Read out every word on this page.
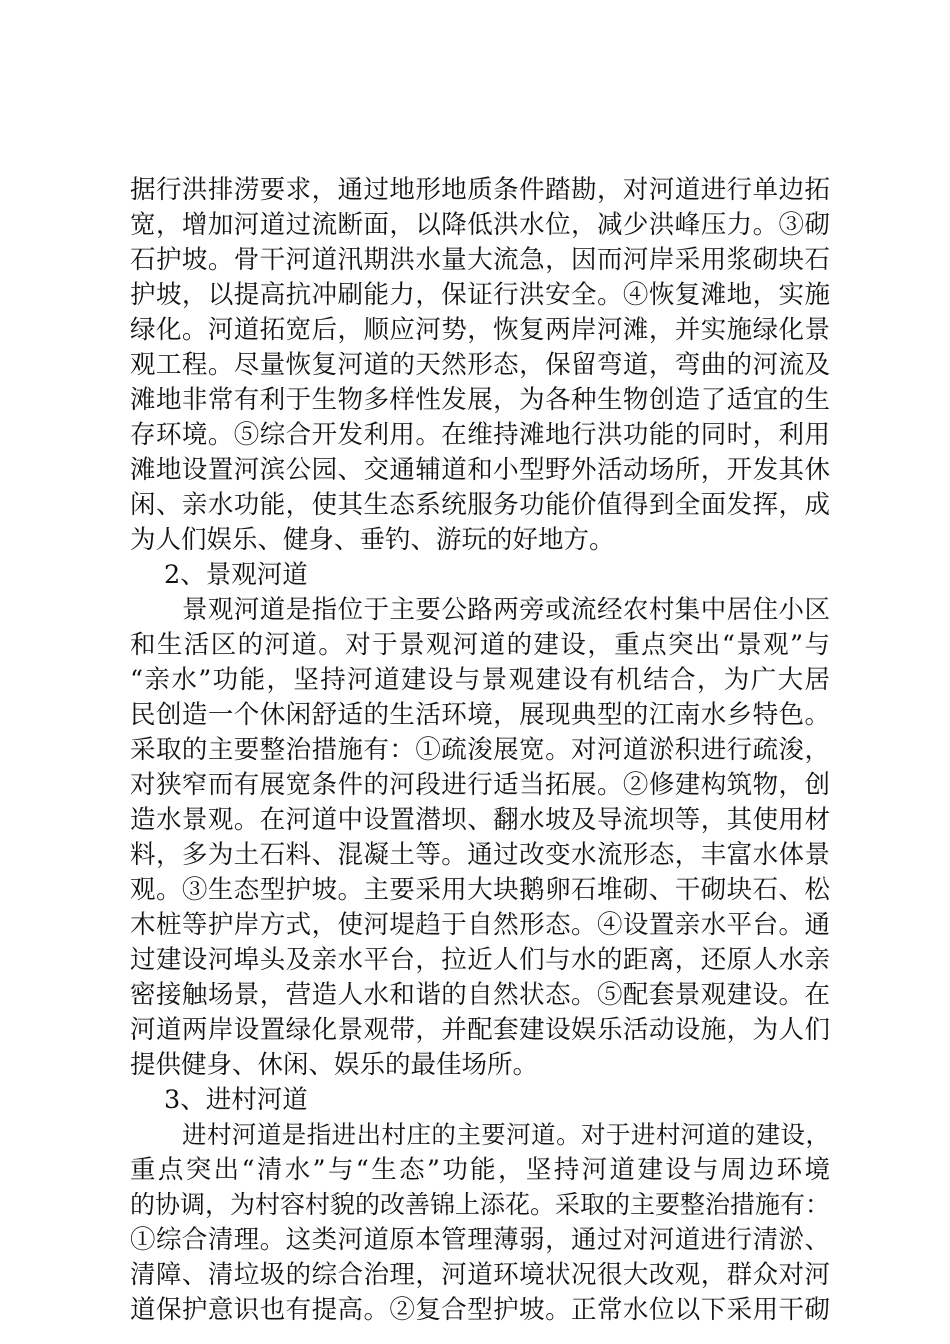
据行洪排涝要求，通过地形地质条件踏勘，对河道进行单边拓
宽，增加河道过流断面，以降低洪水位，减少洪峰压力。③砌
石护坡。骨干河道汛期洪水量大流急，因而河岸采用浆砌块石
护坡，以提高抗冲刷能力，保证行洪安全。④恢复滩地，实施
绿化。河道拓宽后，顺应河势，恢复两岸河滩，并实施绿化景
观工程。尽量恢复河道的天然形态，保留弯道，弯曲的河流及
滩地非常有利于生物多样性发展，为各种生物创造了适宜的生
存环境。⑤综合开发利用。在维持滩地行洪功能的同时，利用
滩地设置河滨公园、交通辅道和小型野外活动场所，开发其休
闲、亲水功能，使其生态系统服务功能价值得到全面发挥，成
为人们娱乐、健身、垂钓、游玩的好地方。
2、景观河道
景观河道是指位于主要公路两旁或流经农村集中居住小区
和生活区的河道。对于景观河道的建设，重点突出“景观”与
“亲水”功能，坚持河道建设与景观建设有机结合，为广大居
民创造一个休闲舒适的生活环境，展现典型的江南水乡特色。
采取的主要整治措施有：①疏浚展宽。对河道淤积进行疏浚，
对狭窄而有展宽条件的河段进行适当拓展。②修建构筑物，创
造水景观。在河道中设置潜坝、翻水坡及导流坝等，其使用材
料，多为土石料、混凝土等。通过改变水流形态，丰富水体景
观。③生态型护坡。主要采用大块鹅卵石堆砌、干砌块石、松
木桩等护岸方式，使河堤趋于自然形态。④设置亲水平台。通
过建设河埠头及亲水平台，拉近人们与水的距离，还原人水亲
密接触场景，营造人水和谐的自然状态。⑤配套景观建设。在
河道两岸设置绿化景观带，并配套建设娱乐活动设施，为人们
提供健身、休闲、娱乐的最佳场所。
3、进村河道
进村河道是指进出村庄的主要河道。对于进村河道的建设，
重点突出“清水”与“生态”功能，坚持河道建设与周边环境
的协调，为村容村貌的改善锦上添花。采取的主要整治措施有：
①综合清理。这类河道原本管理薄弱，通过对河道进行清淤、
清障、清垃圾的综合治理，河道环境状况很大改观，群众对河
道保护意识也有提高。②复合型护坡。正常水位以下采用干砌
